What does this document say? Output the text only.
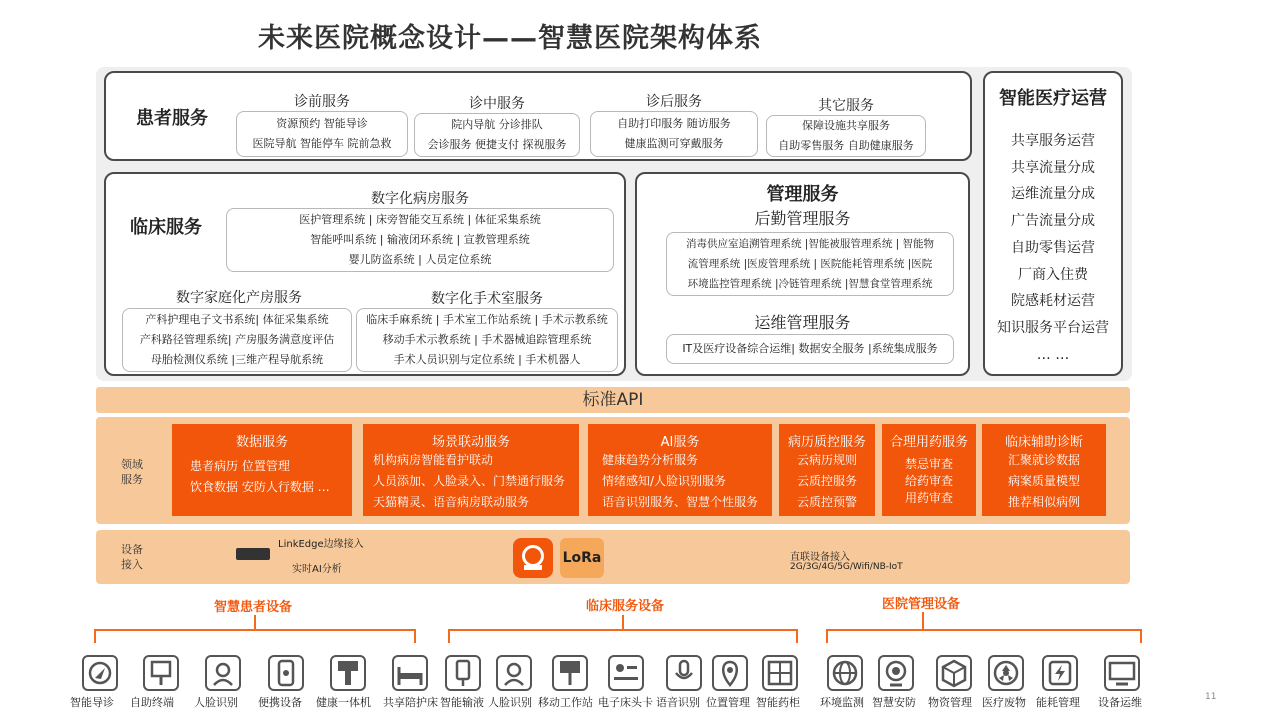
未来医院概念设计——智慧医院架构体系
患者服务
诊前服务
资源预约 智能导诊
医院导航 智能停车 院前急救
诊中服务
院内导航 分诊排队
会诊服务 便捷支付 探视服务
诊后服务
自助打印服务 随访服务
健康监测可穿戴服务
其它服务
保障设施共享服务
自助零售服务 自助健康服务
临床服务
数字化病房服务
医护管理系统 | 床旁智能交互系统 | 体征采集系统
智能呼叫系统 | 输液闭环系统 | 宣教管理系统
婴儿防盗系统 | 人员定位系统
数字家庭化产房服务
产科护理电子文书系统| 体征采集系统
产科路径管理系统| 产房服务满意度评估
母胎检测仪系统 |三维产程导航系统
数字化手术室服务
临床手麻系统 | 手术室工作站系统 | 手术示教系统
移动手术示教系统 | 手术器械追踪管理系统
手术人员识别与定位系统 | 手术机器人
管理服务
后勤管理服务
消毒供应室追溯管理系统 |智能被服管理系统 | 智能物
流管理系统 |医废管理系统 | 医院能耗管理系统 |医院
环境监控管理系统 |冷链管理系统 |智慧食堂管理系统
运维管理服务
IT及医疗设备综合运维| 数据安全服务 |系统集成服务
智能医疗运营
共享服务运营
共享流量分成
运维流量分成
广告流量分成
自助零售运营
厂商入住费
院感耗材运营
知识服务平台运营
… …
标准API
领域
服务
数据服务
患者病历 位置管理
饮食数据 安防人行数据 …
场景联动服务
机构病房智能看护联动
人员添加、人脸录入、门禁通行服务
天猫精灵、语音病房联动服务
AI服务
健康趋势分析服务
情绪感知/人脸识别服务
语音识别服务、智慧个性服务
病历质控服务
云病历规则
云质控服务
云质控预警
合理用药服务
禁忌审查
给药审查
用药审查
临床辅助诊断
汇聚就诊数据
病案质量模型
推荐相似病例
设备
接入
LinkEdge边缘接入
实时AI分析
LoRa	直联设备接入
2G/3G/4G/5G/Wifi/NB-IoT
智慧患者设备	临床服务设备	医院管理设备
智能导诊 自助终端 人脸识别 便携设备 健康一体机 共享陪护床 智能输液 人脸识别 移动工作站 电子床头卡 语音识别 位置管理 智能药柜 环境监测 智慧安防 物资管理 医疗废物 能耗管理 设备运维	11
